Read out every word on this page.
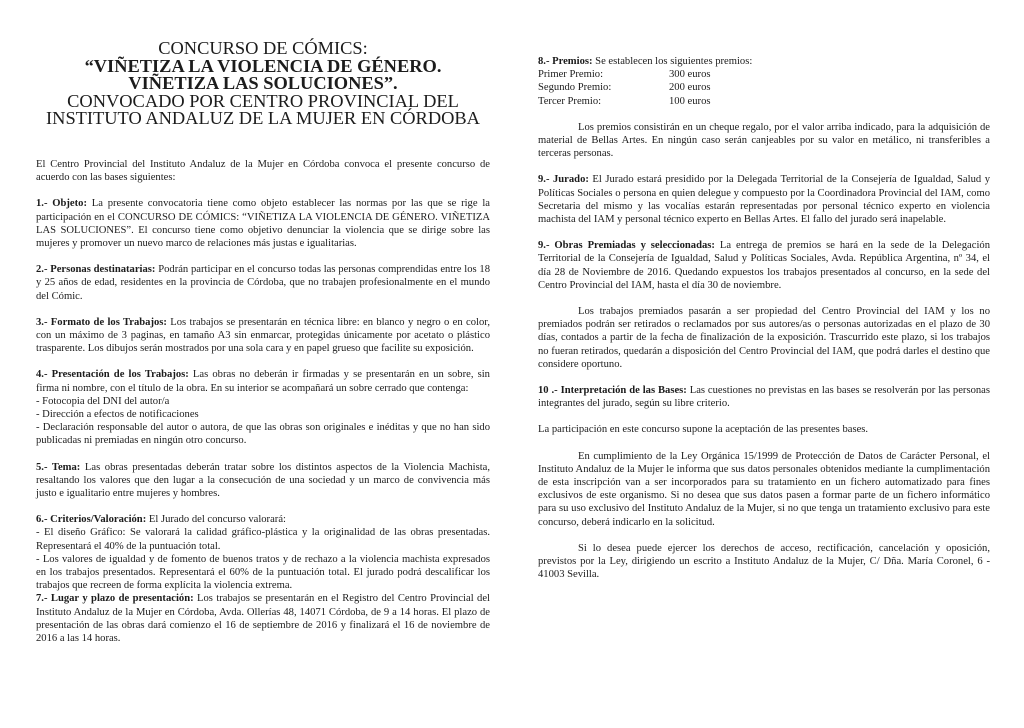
CONCURSO DE CÓMICS:
“VIÑETIZA LA VIOLENCIA DE GÉNERO.
VIÑETIZA LAS SOLUCIONES”.
CONVOCADO POR CENTRO PROVINCIAL DEL
INSTITUTO ANDALUZ DE LA MUJER EN CÓRDOBA

El Centro Provincial del Instituto Andaluz de la Mujer en Córdoba convoca el presente concurso de acuerdo con las bases siguientes:

1.- Objeto: La presente convocatoria tiene como objeto establecer las normas por las que se rige la participación en el CONCURSO DE CÓMICS: “VIÑETIZA LA VIOLENCIA DE GÉNERO. VIÑETIZA LAS SOLUCIONES”. El concurso tiene como objetivo denunciar la violencia que se dirige sobre las mujeres y promover un nuevo marco de relaciones más justas e igualitarias.

2.- Personas destinatarias: Podrán participar en el concurso todas las personas comprendidas entre los 18 y 25 años de edad, residentes en la provincia de Córdoba, que no trabajen profesionalmente en el mundo del Cómic.

3.- Formato de los Trabajos: Los trabajos se presentarán en técnica libre: en blanco y negro o en color, con un máximo de 3 paginas, en tamaño A3 sin enmarcar, protegidas únicamente por acetato o plástico trasparente. Los dibujos serán mostrados por una sola cara y en papel grueso que facilite su exposición.

4.- Presentación de los Trabajos: Las obras no deberán ir firmadas y se presentarán en un sobre, sin firma ni nombre, con el título de la obra. En su interior se acompañará un sobre cerrado que contenga:

- Fotocopia del DNI del autor/a

- Dirección a efectos de notificaciones

- Declaración responsable del autor o autora, de que las obras son originales e inéditas y que no han sido publicadas ni premiadas en ningún otro concurso.

5.- Tema: Las obras presentadas deberán tratar sobre los distintos aspectos de la Violencia Machista, resaltando los valores que den lugar a la consecución de una sociedad y un marco de convivencia más justo e igualitario entre mujeres y hombres.

6.- Criterios/Valoración: El Jurado del concurso valorará:

- El diseño Gráfico: Se valorará la calidad gráfico-plástica y la originalidad de las obras presentadas. Representará el 40% de la puntuación total.

- Los valores de igualdad y de fomento de buenos tratos y de rechazo a la violencia machista expresados en los trabajos presentados. Representará el 60% de la puntuación total. El jurado podrá descalificar los trabajos que recreen de forma explícita la violencia extrema.

7.- Lugar y plazo de presentación: Los trabajos se presentarán en el Registro del Centro Provincial del Instituto Andaluz de la Mujer en Córdoba, Avda. Ollerías 48, 14071 Córdoba, de 9 a 14 horas. El plazo de presentación de las obras dará comienzo el 16 de septiembre de 2016 y finalizará el 16 de noviembre de 2016 a las 14 horas.

8.- Premios: Se establecen los siguientes premios:

Primer Premio:	300 euros
Segundo Premio:	200 euros
Tercer Premio:	100 euros

Los premios consistirán en un cheque regalo, por el valor arriba indicado, para la adquisición de material de Bellas Artes. En ningún caso serán canjeables por su valor en metálico, ni transferibles a terceras personas.

9.- Jurado: El Jurado estará presidido por la Delegada Territorial de la Consejería de Igualdad, Salud y Políticas Sociales o persona en quien delegue y compuesto por la Coordinadora Provincial del IAM, como Secretaria del mismo y las vocalías estarán representadas por personal técnico experto en violencia machista del IAM y personal técnico experto en Bellas Artes. El fallo del jurado será inapelable.

9.- Obras Premiadas y seleccionadas: La entrega de premios se hará en la sede de la Delegación Territorial de la Consejería de Igualdad, Salud y Políticas Sociales, Avda. República Argentina, nº 34, el día 28 de Noviembre de 2016. Quedando expuestos los trabajos presentados al concurso, en la sede del Centro Provincial del IAM, hasta el día 30 de noviembre.

Los trabajos premiados pasarán a ser propiedad del Centro Provincial del IAM y los no premiados podrán ser retirados o reclamados por sus autores/as o personas autorizadas en el plazo de 30 días, contados a partir de la fecha de finalización de la exposición. Trascurrido este plazo, si los trabajos no fueran retirados, quedarán a disposición del Centro Provincial del IAM, que podrá darles el destino que considere oportuno.

10 .- Interpretación de las Bases: Las cuestiones no previstas en las bases se resolverán por las personas integrantes del jurado, según su libre criterio.

La participación en este concurso supone la aceptación de las presentes bases.

En cumplimiento de la Ley Orgánica 15/1999 de Protección de Datos de Carácter Personal, el Instituto Andaluz de la Mujer le informa que sus datos personales obtenidos mediante la cumplimentación de esta inscripción van a ser incorporados para su tratamiento en un fichero automatizado para fines exclusivos de este organismo. Si no desea que sus datos pasen a formar parte de un fichero informático para su uso exclusivo del Instituto Andaluz de la Mujer, si no que tenga un tratamiento exclusivo para este concurso, deberá indicarlo en la solicitud.

Si lo desea puede ejercer los derechos de acceso, rectificación, cancelación y oposición, previstos por la Ley, dirigiendo un escrito a Instituto Andaluz de la Mujer, C/ Dña. María Coronel, 6 - 41003 Sevilla.
